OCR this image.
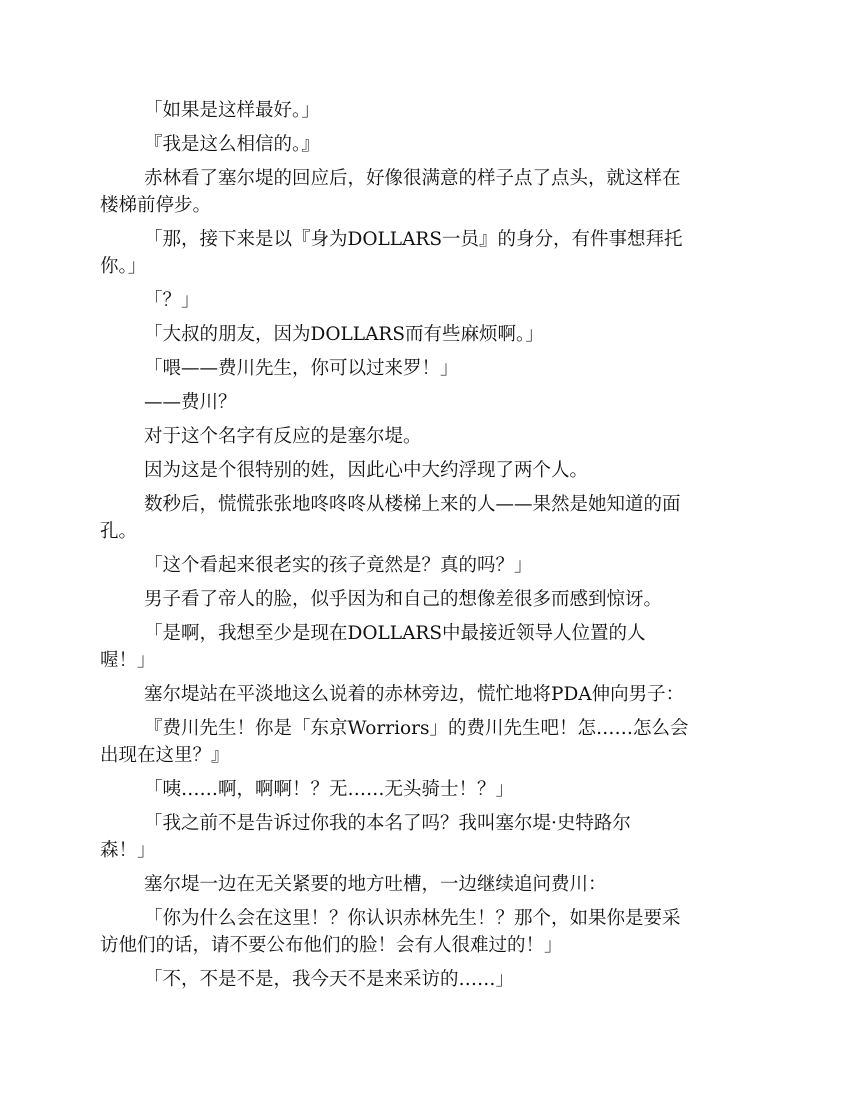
「如果是这样最好。」

『我是这么相信的。』

赤林看了塞尔堤的回应后，好像很满意的样子点了点头，就这样在
楼梯前停步。

「那，接下来是以『身为DOLLARS一员』的身分，有件事想拜托
你。」

「？」

「大叔的朋友，因为DOLLARS而有些麻烦啊。」

「喂——费川先生，你可以过来罗！」

——费川？

对于这个名字有反应的是塞尔堤。

因为这是个很特别的姓，因此心中大约浮现了两个人。

数秒后，慌慌张张地咚咚咚从楼梯上来的人——果然是她知道的面
孔。

「这个看起来很老实的孩子竟然是？真的吗？」

男子看了帝人的脸，似乎因为和自己的想像差很多而感到惊讶。

「是啊，我想至少是现在DOLLARS中最接近领导人位置的人
喔！」

塞尔堤站在平淡地这么说着的赤林旁边，慌忙地将PDA伸向男子：

『费川先生！你是「东京Worriors」的费川先生吧！怎……怎么会
出现在这里？』

「咦……啊，啊啊！？无……无头骑士！？」

「我之前不是告诉过你我的本名了吗？我叫塞尔堤·史特路尔
森！」

塞尔堤一边在无关紧要的地方吐槽，一边继续追问费川：

「你为什么会在这里！？你认识赤林先生！？那个，如果你是要采
访他们的话，请不要公布他们的脸！会有人很难过的！」

「不，不是不是，我今天不是来采访的……」
